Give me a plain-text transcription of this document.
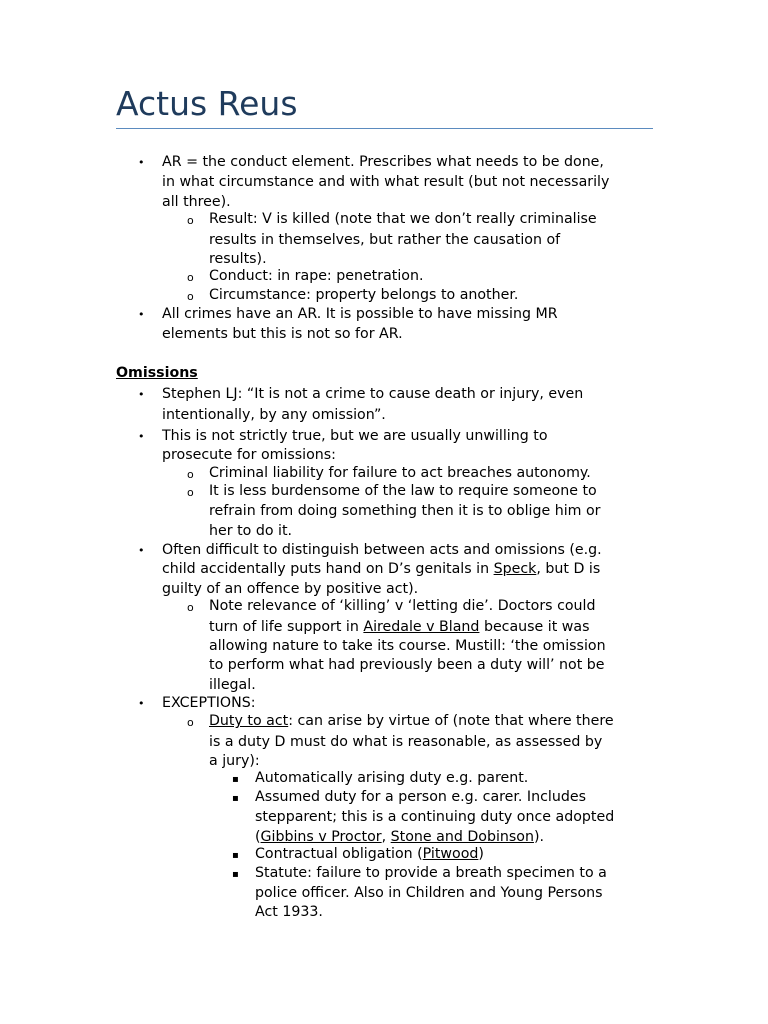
Actus Reus
• AR = the conduct element. Prescribes what needs to be done,

in what circumstance and with what result (but not necessarily

all three).

o Result: V is killed (note that we don’t really criminalise

results in themselves, but rather the causation of

results).

o Conduct: in rape: penetration.

o Circumstance: property belongs to another.

• All crimes have an AR. It is possible to have missing MR

elements but this is not so for AR.

Omissions

• Stephen LJ: “It is not a crime to cause death or injury, even

intentionally, by any omission”.

• This is not strictly true, but we are usually unwilling to

prosecute for omissions:

o Criminal liability for failure to act breaches autonomy.

o It is less burdensome of the law to require someone to

refrain from doing something then it is to oblige him or

her to do it.

• Often difficult to distinguish between acts and omissions (e.g.

child accidentally puts hand on D’s genitals in Speck, but D is

guilty of an offence by positive act).

o Note relevance of ‘killing’ v ‘letting die’. Doctors could

turn of life support in Airedale v Bland because it was

allowing nature to take its course. Mustill: ‘the omission

to perform what had previously been a duty will’ not be

illegal.

• EXCEPTIONS:

o Duty to act: can arise by virtue of (note that where there

is a duty D must do what is reasonable, as assessed by

a jury):

▪ Automatically arising duty e.g. parent.

▪ Assumed duty for a person e.g. carer. Includes

stepparent; this is a continuing duty once adopted

(Gibbins v Proctor, Stone and Dobinson).

▪ Contractual obligation (Pitwood)

▪ Statute: failure to provide a breath specimen to a

police officer. Also in Children and Young Persons

Act 1933.
